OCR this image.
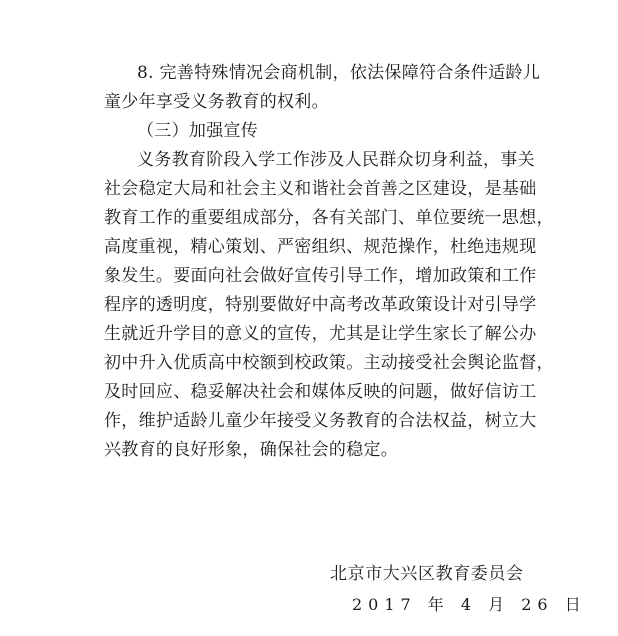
8. 完善特殊情况会商机制，依法保障符合条件适龄儿
童少年享受义务教育的权利。
（三）加强宣传
义务教育阶段入学工作涉及人民群众切身利益，事关
社会稳定大局和社会主义和谐社会首善之区建设，是基础
教育工作的重要组成部分，各有关部门、单位要统一思想，
高度重视，精心策划、严密组织、规范操作，杜绝违规现
象发生。要面向社会做好宣传引导工作，增加政策和工作
程序的透明度，特别要做好中高考改革政策设计对引导学
生就近升学目的意义的宣传，尤其是让学生家长了解公办
初中升入优质高中校额到校政策。主动接受社会舆论监督，
及时回应、稳妥解决社会和媒体反映的问题，做好信访工
作，维护适龄儿童少年接受义务教育的合法权益，树立大
兴教育的良好形象，确保社会的稳定。
北京市大兴区教育委员会
2017 年 4 月 26 日
